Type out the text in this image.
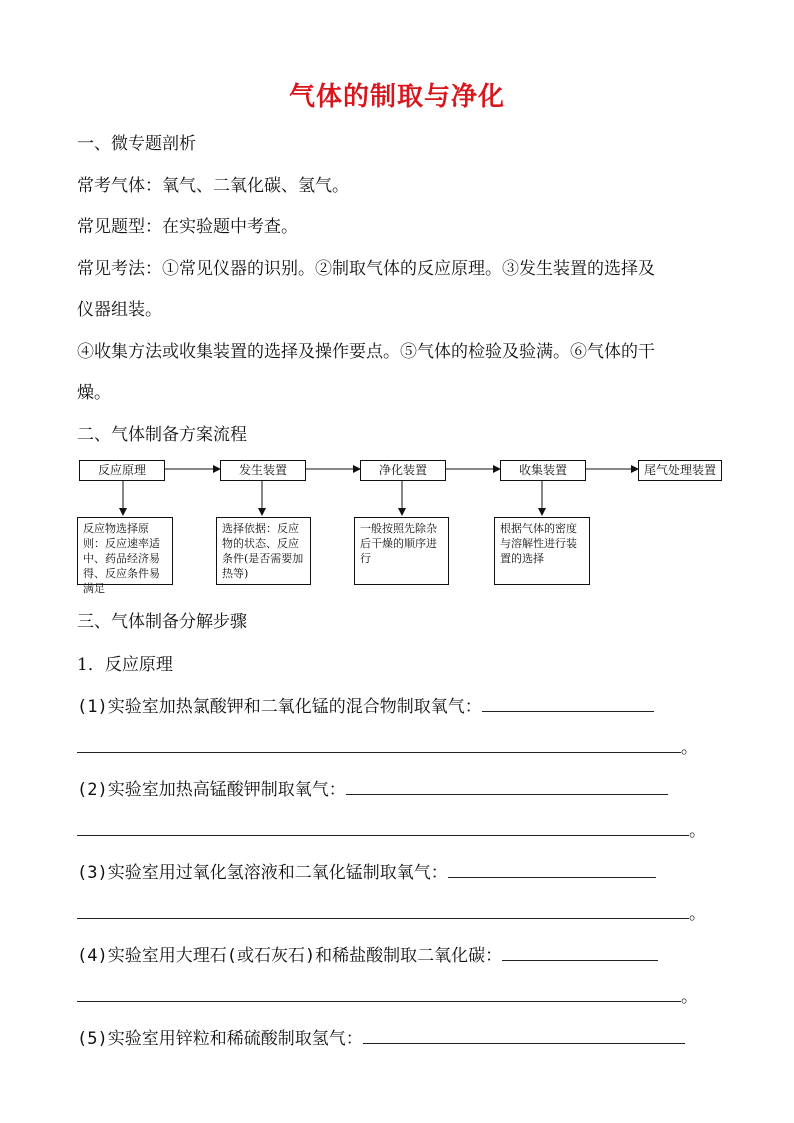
气体的制取与净化
一、微专题剖析
常考气体：氧气、二氧化碳、氢气。
常见题型：在实验题中考查。
常见考法：①常见仪器的识别。②制取气体的反应原理。③发生装置的选择及
仪器组装。
④收集方法或收集装置的选择及操作要点。⑤气体的检验及验满。⑥气体的干
燥。
二、气体制备方案流程
反应原理	发生装置	净化装置	收集装置	尾气处理装置
反应物选择原则：反应速率适中、药品经济易得、反应条件易满足
选择依据：反应物的状态、反应条件(是否需要加热等)
一般按照先除杂后干燥的顺序进行
根据气体的密度与溶解性进行装置的选择
三、气体制备分解步骤
1．反应原理
(1)实验室加热氯酸钾和二氧化锰的混合物制取氧气：
。
(2)实验室加热高锰酸钾制取氧气：
。
(3)实验室用过氧化氢溶液和二氧化锰制取氧气：
。
(4)实验室用大理石(或石灰石)和稀盐酸制取二氧化碳：
。
(5)实验室用锌粒和稀硫酸制取氢气：
